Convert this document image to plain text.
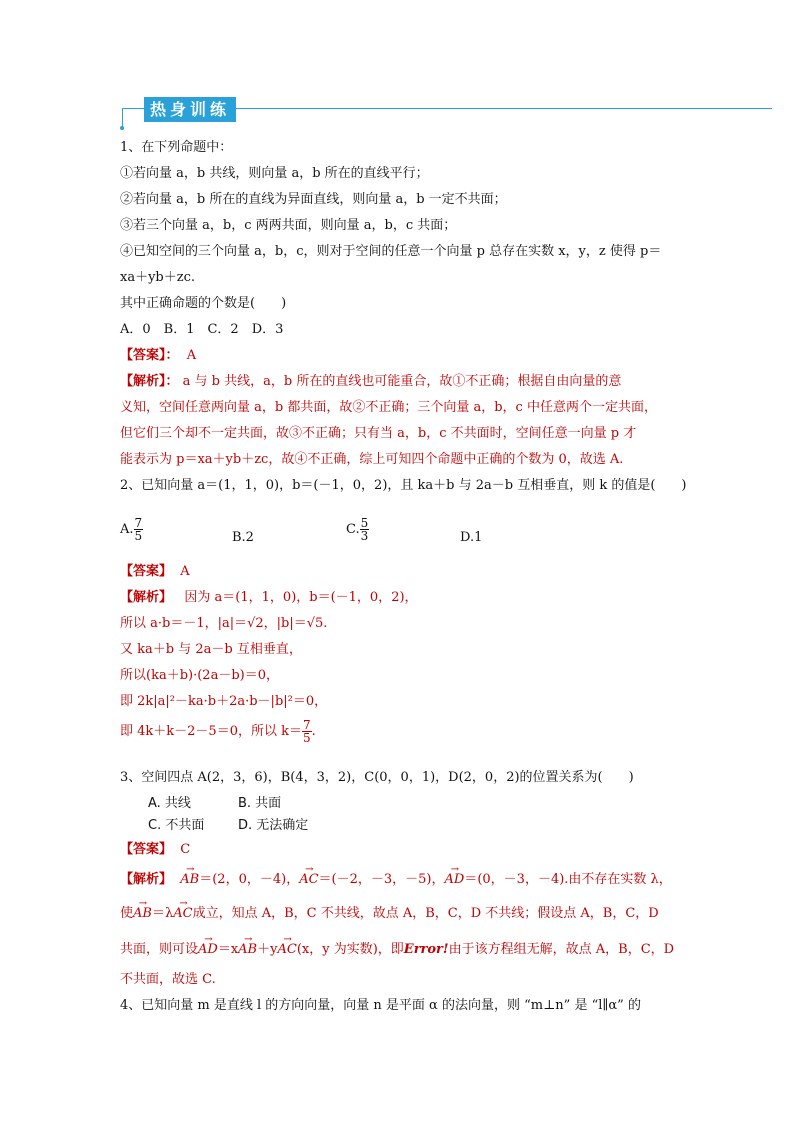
热身训练
1、在下列命题中：
①若向量 a，b 共线，则向量 a，b 所在的直线平行；
②若向量 a，b 所在的直线为异面直线，则向量 a，b 一定不共面；
③若三个向量 a，b，c 两两共面，则向量 a，b，c 共面；
④已知空间的三个向量 a，b，c，则对于空间的任意一个向量 p 总存在实数 x，y，z 使得 p＝
xa＋yb＋zc.
其中正确命题的个数是(　　)
A．0　B．1　C．2　D．3
【答案】： A
【解析】： a 与 b 共线，a，b 所在的直线也可能重合，故①不正确；根据自由向量的意
义知，空间任意两向量 a，b 都共面，故②不正确；三个向量 a，b，c 中任意两个一定共面，
但它们三个却不一定共面，故③不正确；只有当 a，b，c 不共面时，空间任意一向量 p 才
能表示为 p＝xa＋yb＋zc，故④不正确，综上可知四个命题中正确的个数为 0，故选 A.
2、已知向量 a＝(1，1，0)，b＝(－1，0，2)，且 ka＋b 与 2a－b 互相垂直，则 k 的值是(　　)
A. $\frac{7}{5}$	B.2
C. $\frac{5}{3}$	D.1
【答案】 A
【解析】 因为 a＝(1，1，0)，b＝(－1，0，2)，
所以 a·b＝－1，|a|＝√2，|b|＝√5.
又 ka＋b 与 2a－b 互相垂直，
所以(ka＋b)·(2a－b)＝0，
即 2k|a|²－ka·b＋2a·b－|b|²＝0，
即 4k＋k－2－5＝0，所以 $k= \frac{7}{5}$ .
3、空间四点 A(2，3，6)，B(4，3，2)，C(0，0，1)，D(2，0，2)的位置关系为(　　)
A. 共线	B. 共面
C. 不共面	D. 无法确定
【答案】 C
【解析】  → AB＝(2，0，－4)，→ AC＝(－2，－3，－5)，→ AD＝(0，－3，－4).由不存在实数 λ，
使→ AB＝λ→ AC成立，知点 A，B，C 不共线，故点 A，B，C，D 不共线；假设点 A，B，C，D
共面，则可设→ AD＝x→ AB＋y→ AC(x，y 为实数)，即Error!由于该方程组无解，故点 A，B，C，D
不共面，故选 C.
4、已知向量 m 是直线 l 的方向向量，向量 n 是平面 α 的法向量，则 “m⊥n” 是 “l∥α” 的
